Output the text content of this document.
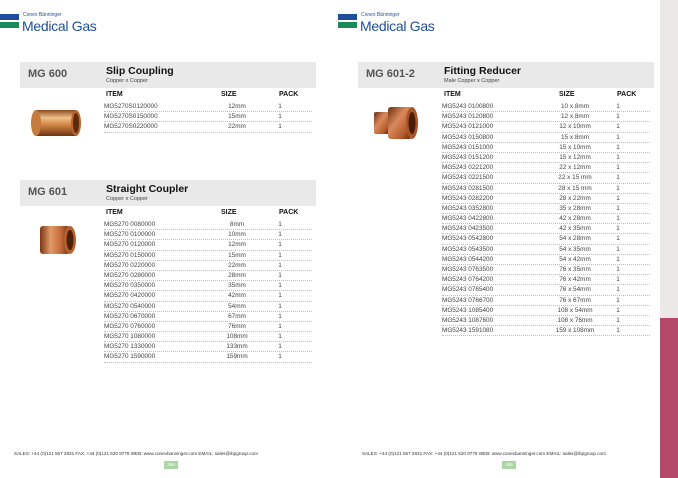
Conex Bänninger
Medical Gas
MG 600	Slip Coupling
Copper x Copper
ITEM	SIZE	PACK
MG5270S0120000	12mm	1
MG5270S0150000	15mm	1
MG5270S0220000	22mm	1
MG 601	Straight Coupler
Copper x Copper
ITEM	SIZE	PACK
MG5270 0080000	8mm	1
MG5270 0100000	10mm	1
MG5270 0120000	12mm	1
MG5270 0150000	15mm	1
MG5270 0220000	22mm	1
MG5270 0280000	28mm	1
MG5270 0350000	35mm	1
MG5270 0420000	42mm	1
MG5270 0540000	54mm	1
MG5270 0670000	67mm	1
MG5270 0760000	76mm	1
MG5270 1080000	108mm	1
MG5270 1330000	133mm	1
MG5270 1590000	159mm	1
SALES: +44 (0)121 557 2831 FAX: +44 (0)121 520 8778 WEB: www.conexbanninger.com EMAIL: sales@ibpgroup.com
268
Conex Bänninger
Medical Gas
MG 601-2	Fitting Reducer
Male Copper x Copper
ITEM	SIZE	PACK
MG5243 0100800	10 x 8mm	1
MG5243 0120800	12 x 8mm	1
MG5243 0121000	12 x 10mm	1
MG5243 0150800	15 x 8mm	1
MG5243 0151000	15 x 10mm	1
MG5243 0151200	15 x 12mm	1
MG5243 0221200	22 x 12mm	1
MG5243 0221500	22 x 15 mm	1
MG5243 0281500	28 x 15 mm	1
MG5243 0282200	28 x 22mm	1
MG5243 0352800	35 x 28mm	1
MG5243 0422800	42 x 28mm	1
MG5243 0423500	42 x 35mm	1
MG5243 0542800	54 x 28mm	1
MG5243 0543500	54 x 35mm	1
MG5243 0544200	54 x 42mm	1
MG5243 0763500	76 x 35mm	1
MG5243 0764200	76 x 42mm	1
MG5243 0765400	76 x 54mm	1
MG5243 0766700	76 x 67mm	1
MG5243 1085400	108 x 54mm	1
MG5243 1087600	108 x 76mm	1
MG5243 1591080	159 x 108mm	1
SALES: +44 (0)121 557 2831 FAX: +44 (0)121 520 8778 WEB: www.conexbanninger.com EMAIL: sales@ibpgroup.com
269
